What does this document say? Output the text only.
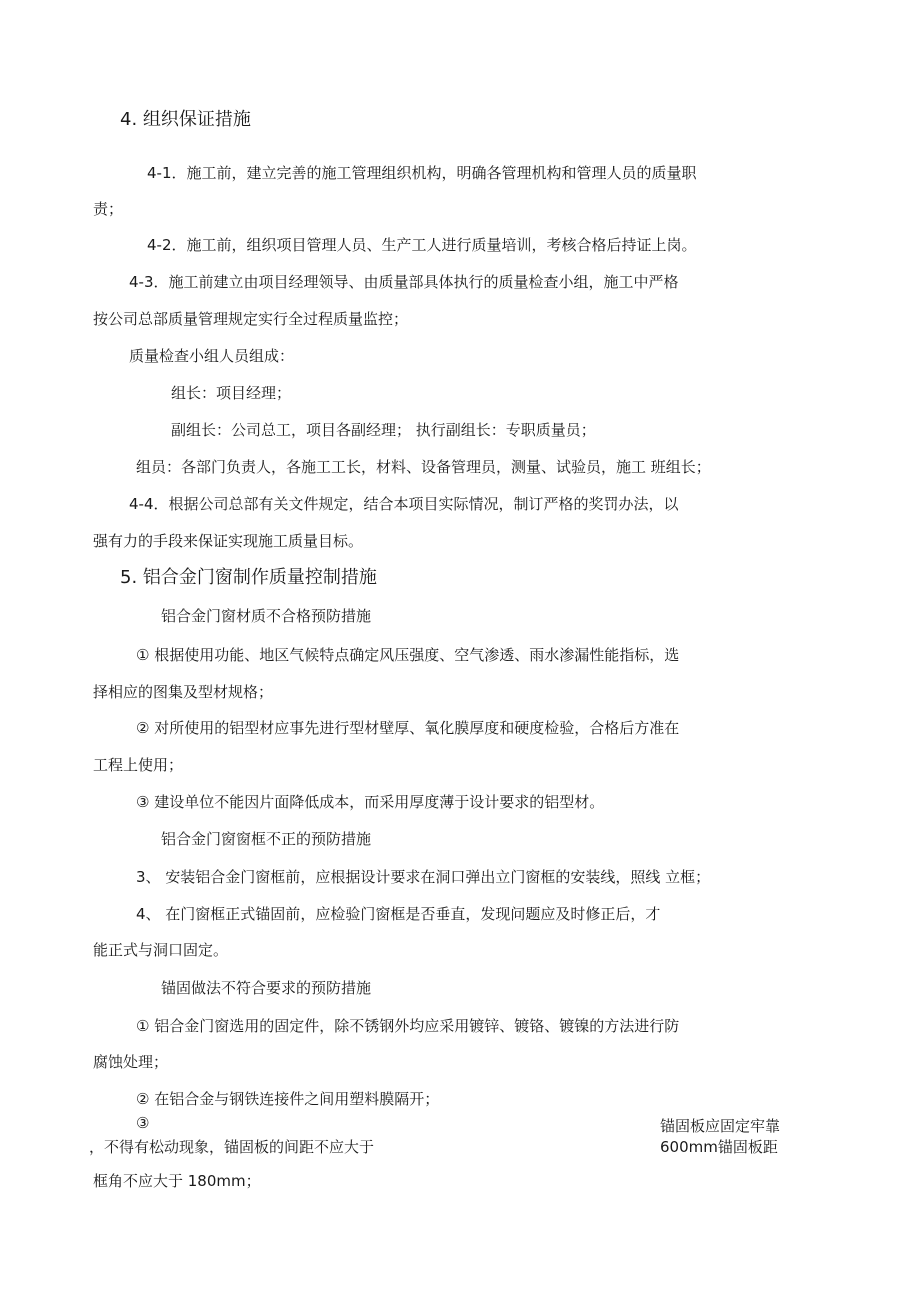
4. 组织保证措施
4-1．施工前，建立完善的施工管理组织机构，明确各管理机构和管理人员的质量职
责；
4-2．施工前，组织项目管理人员、生产工人进行质量培训，考核合格后持证上岗。
4-3．施工前建立由项目经理领导、由质量部具体执行的质量检查小组，施工中严格
按公司总部质量管理规定实行全过程质量监控；
质量检查小组人员组成：
组长：项目经理；
副组长：公司总工，项目各副经理； 执行副组长：专职质量员；
组员：各部门负责人，各施工工长，材料、设备管理员，测量、试验员，施工 班组长；
4-4．根据公司总部有关文件规定，结合本项目实际情况，制订严格的奖罚办法，以
强有力的手段来保证实现施工质量目标。
5. 铝合金门窗制作质量控制措施
铝合金门窗材质不合格预防措施
① 根据使用功能、地区气候特点确定风压强度、空气渗透、雨水渗漏性能指标，选
择相应的图集及型材规格；
② 对所使用的铝型材应事先进行型材壁厚、氧化膜厚度和硬度检验，合格后方准在
工程上使用；
③ 建设单位不能因片面降低成本，而采用厚度薄于设计要求的铝型材。
铝合金门窗窗框不正的预防措施
3、 安装铝合金门窗框前，应根据设计要求在洞口弹出立门窗框的安装线，照线 立框；
4、 在门窗框正式锚固前，应检验门窗框是否垂直，发现问题应及时修正后，才
能正式与洞口固定。
锚固做法不符合要求的预防措施
① 铝合金门窗选用的固定件，除不锈钢外均应采用镀锌、镀铬、镀镍的方法进行防
腐蚀处理；
② 在铝合金与钢铁连接件之间用塑料膜隔开；
③	锚固板应固定牢靠
，不得有松动现象，锚固板的间距不应大于	600mm锚固板距
框角不应大于 180mm；
